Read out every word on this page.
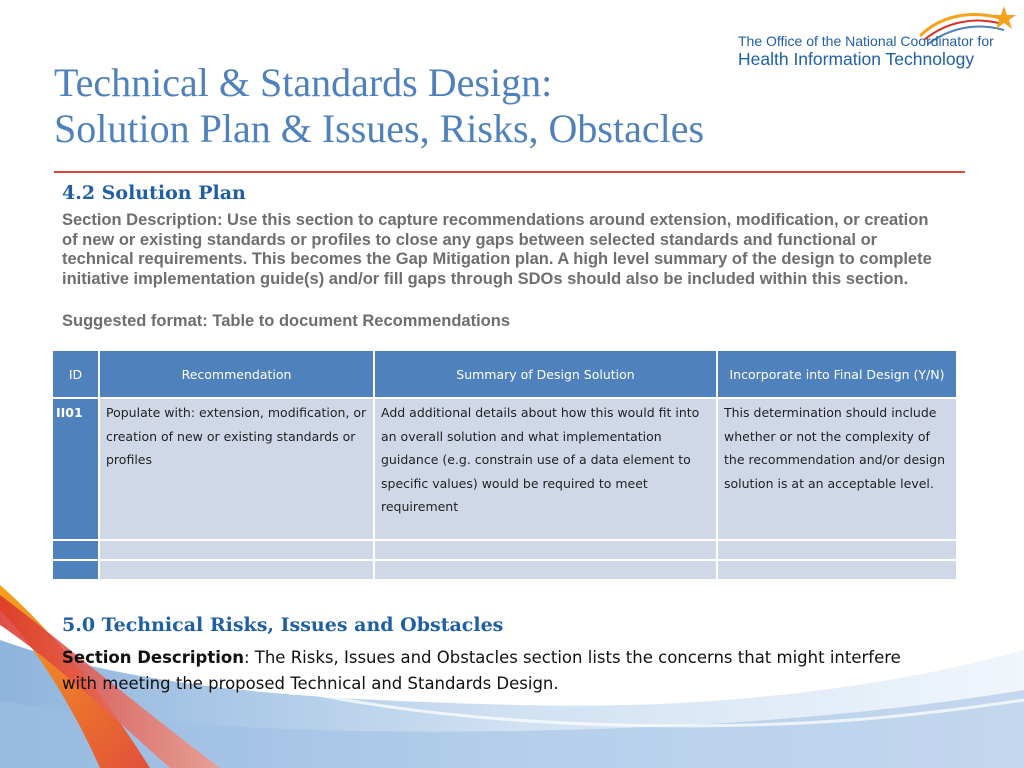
The Office of the National Coordinator for
Health Information Technology
Technical & Standards Design:
Solution Plan & Issues, Risks, Obstacles
4.2 Solution Plan
Section Description: Use this section to capture recommendations around extension, modification, or creation of new or existing standards or profiles to close any gaps between selected standards and functional or technical requirements. This becomes the Gap Mitigation plan. A high level summary of the design to complete initiative implementation guide(s) and/or fill gaps through SDOs should also be included within this section.
Suggested format: Table to document Recommendations
ID	Recommendation	Summary of Design Solution	Incorporate into Final Design (Y/N)
II01	Populate with: extension, modification, or creation of new or existing standards or profiles	Add additional details about how this would fit into an overall solution and what implementation guidance (e.g. constrain use of a data element to specific values) would be required to meet requirement	This determination should include whether or not the complexity of the recommendation and/or design solution is at an acceptable level.

5.0 Technical Risks, Issues and Obstacles
Section Description: The Risks, Issues and Obstacles section lists the concerns that might interfere with meeting the proposed Technical and Standards Design.
